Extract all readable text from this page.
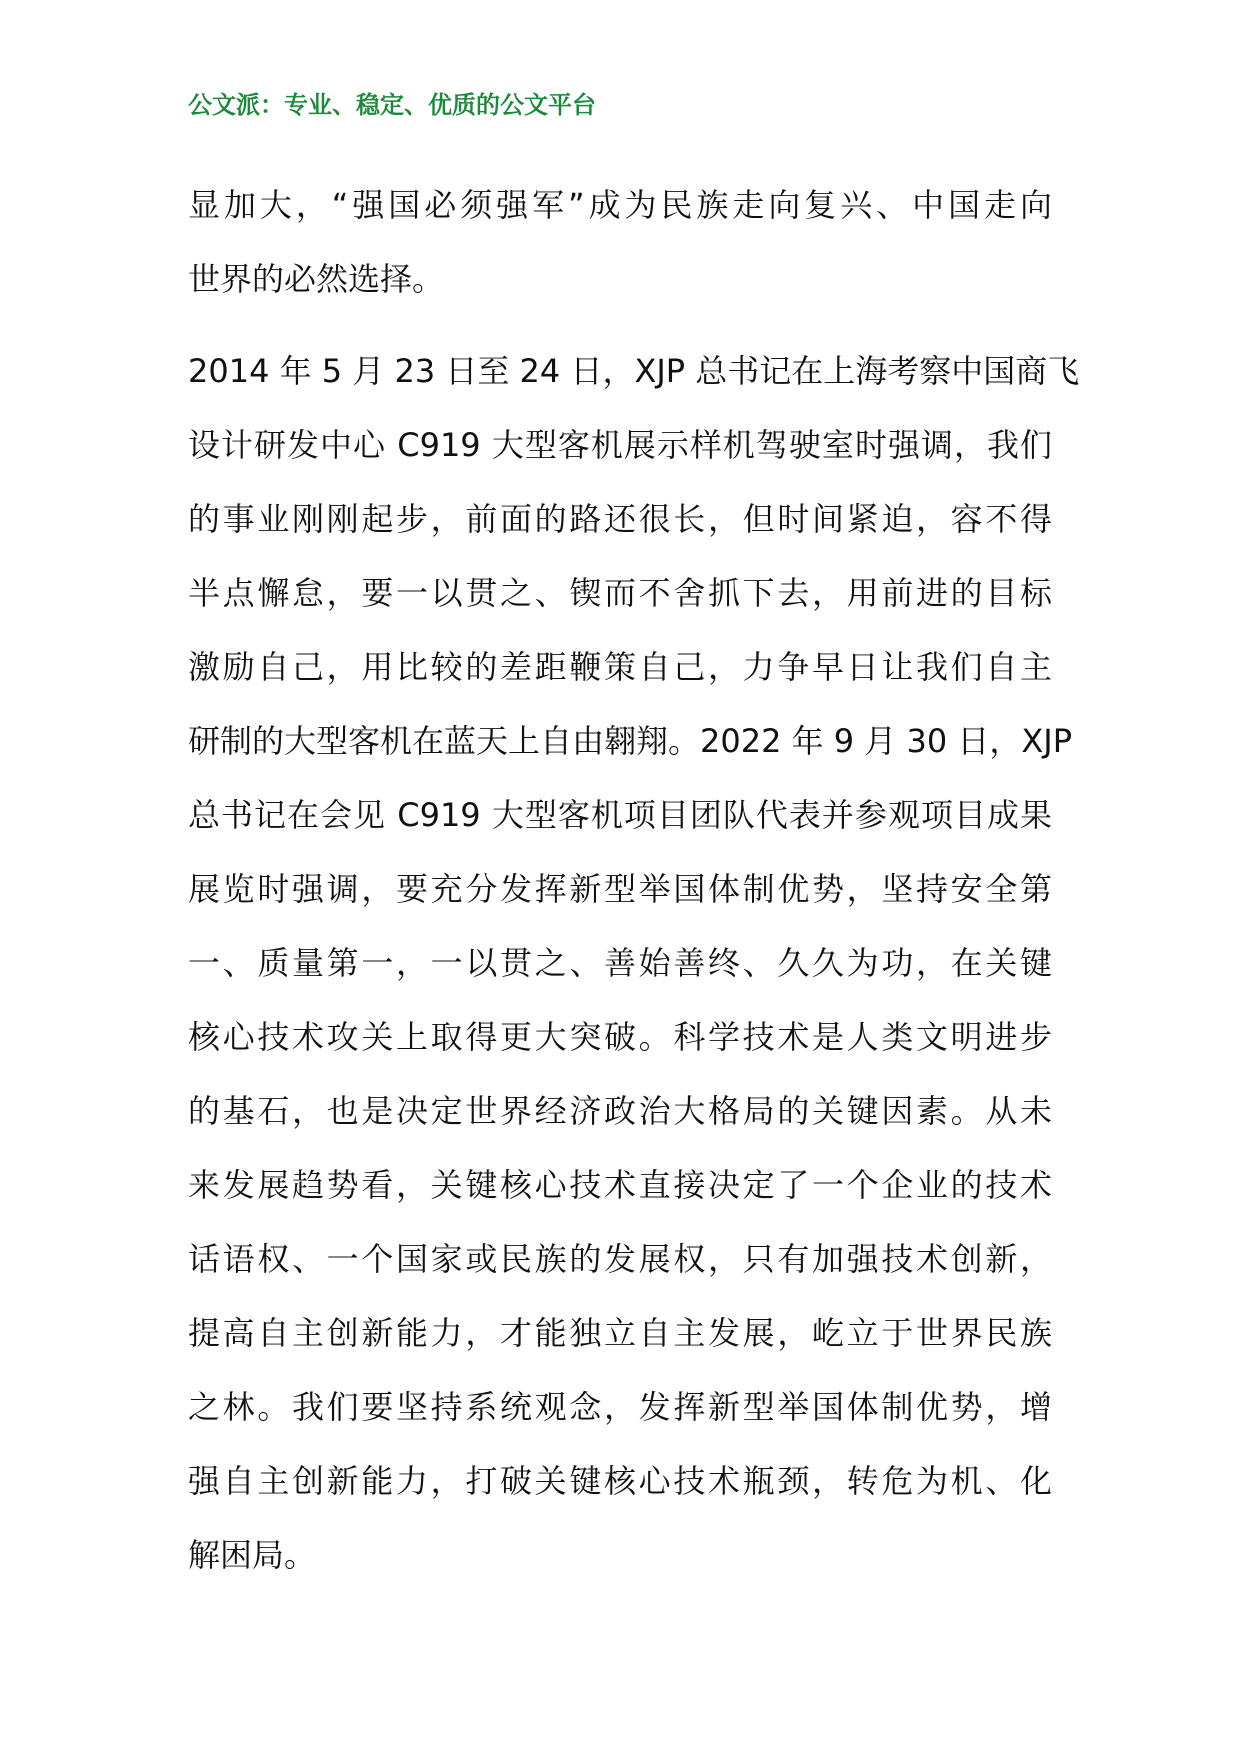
公文派：专业、稳定、优质的公文平台
显加大，“强国必须强军”成为民族走向复兴、中国走向
世界的必然选择。
2014 年 5 月 23 日至 24 日，XJP 总书记在上海考察中国商飞
设计研发中心 C919 大型客机展示样机驾驶室时强调，我们
的事业刚刚起步，前面的路还很长，但时间紧迫，容不得
半点懈怠，要一以贯之、锲而不舍抓下去，用前进的目标
激励自己，用比较的差距鞭策自己，力争早日让我们自主
研制的大型客机在蓝天上自由翱翔。2022 年 9 月 30 日，XJP
总书记在会见 C919 大型客机项目团队代表并参观项目成果
展览时强调，要充分发挥新型举国体制优势，坚持安全第
一、质量第一，一以贯之、善始善终、久久为功，在关键
核心技术攻关上取得更大突破。科学技术是人类文明进步
的基石，也是决定世界经济政治大格局的关键因素。从未
来发展趋势看，关键核心技术直接决定了一个企业的技术
话语权、一个国家或民族的发展权，只有加强技术创新，
提高自主创新能力，才能独立自主发展，屹立于世界民族
之林。我们要坚持系统观念，发挥新型举国体制优势，增
强自主创新能力，打破关键核心技术瓶颈，转危为机、化
解困局。
